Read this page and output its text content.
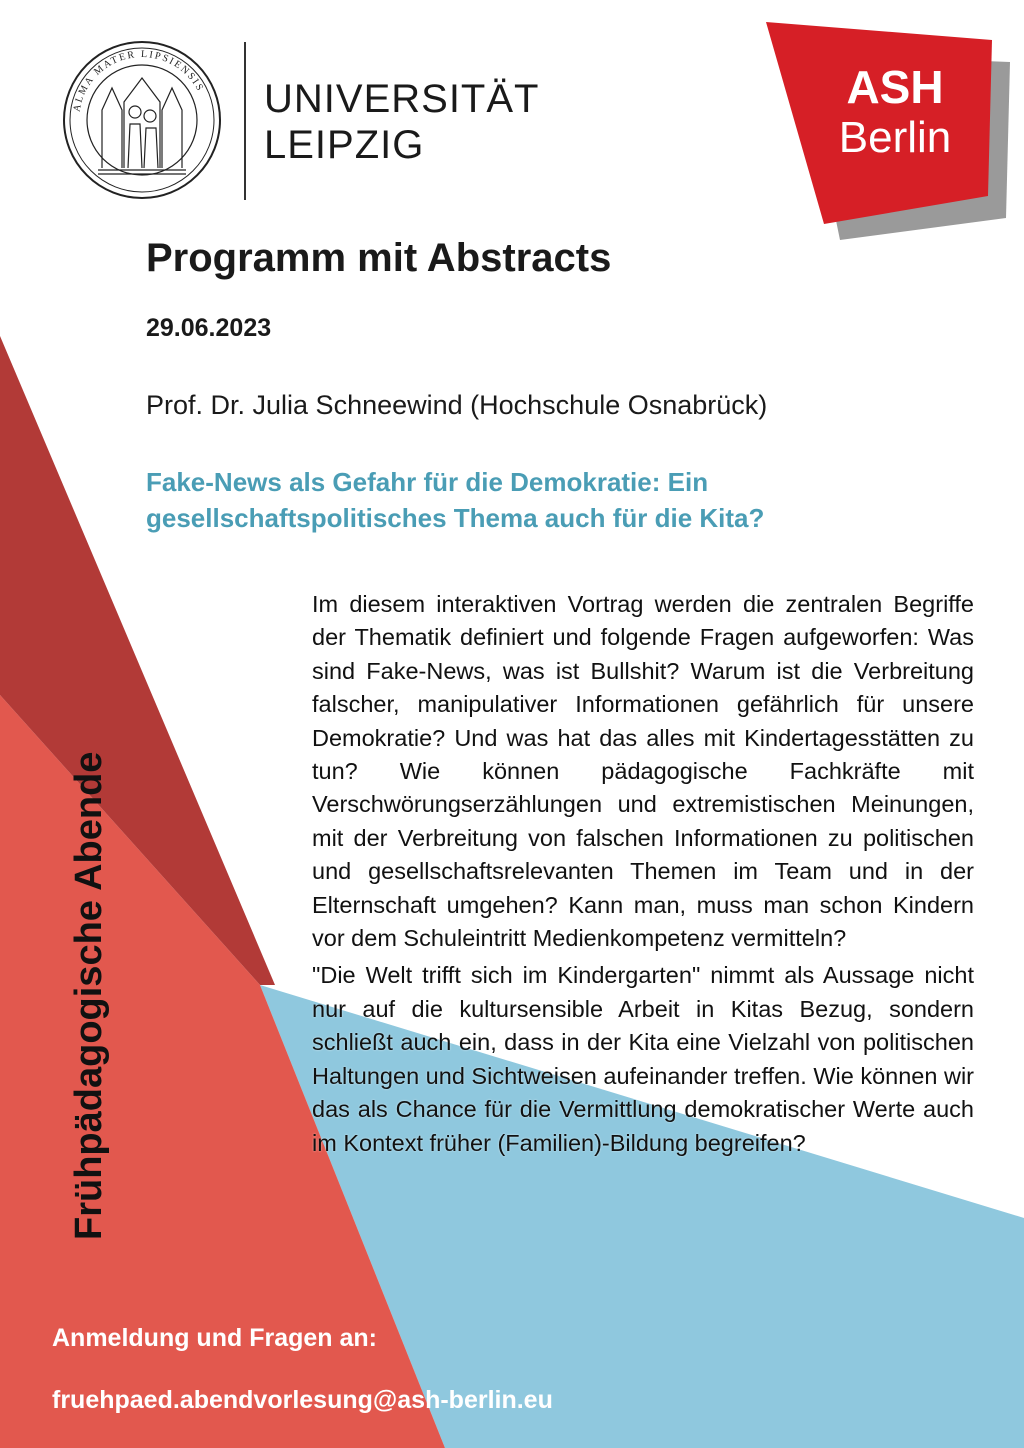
ALMA MATER LIPSIENSIS UNIVERSITÄT
LEIPZIG
ASH
Berlin
Programm mit Abstracts
29.06.2023
Prof. Dr. Julia Schneewind (Hochschule Osnabrück)
Fake-News als Gefahr für die Demokratie: Ein
gesellschaftspolitisches Thema auch für die Kita?

Im diesem interaktiven Vortrag werden die zentralen Begriffe der Thematik definiert und folgende Fragen aufgeworfen: Was sind Fake-News, was ist Bullshit? Warum ist die Verbreitung falscher, manipulativer Informationen gefährlich für unsere Demokratie? Und was hat das alles mit Kindertagesstätten zu tun? Wie können pädagogische Fachkräfte mit Verschwörungserzählungen und extremistischen Meinungen, mit der Verbreitung von falschen Informationen zu politischen und gesellschaftsrelevanten Themen im Team und in der Elternschaft umgehen? Kann man, muss man schon Kindern vor dem Schuleintritt Medienkompetenz vermitteln?

"Die Welt trifft sich im Kindergarten" nimmt als Aussage nicht nur auf die kultursensible Arbeit in Kitas Bezug, sondern schließt auch ein, dass in der Kita eine Vielzahl von politischen Haltungen und Sichtweisen aufeinander treffen. Wie können wir das als Chance für die Vermittlung demokratischer Werte auch im Kontext früher (Familien)-Bildung begreifen?

Frühpädagogische Abende
Anmeldung und Fragen an:
fruehpaed.abendvorlesung@ash-berlin.eu
